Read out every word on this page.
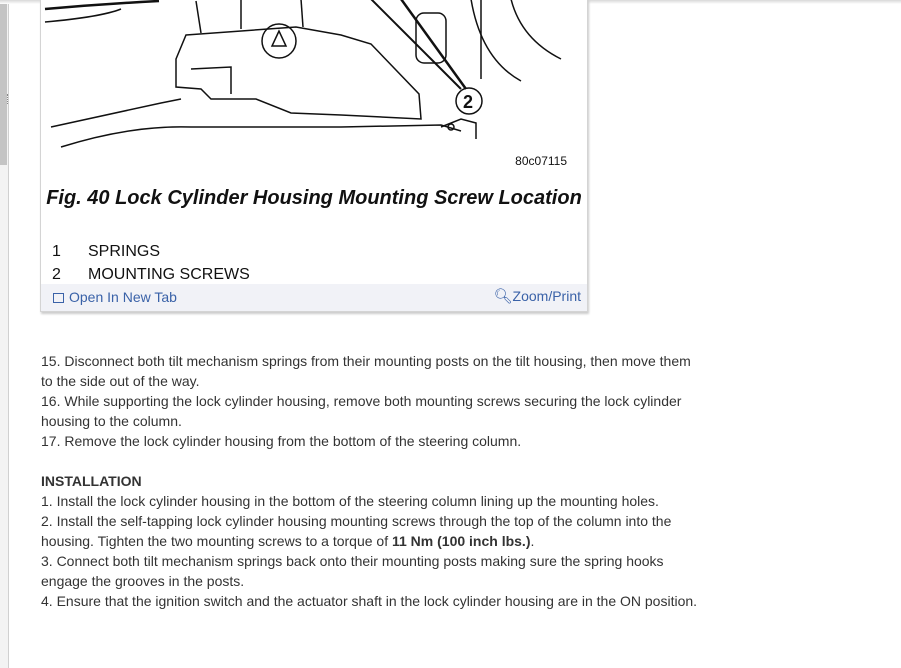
2
80c07115
Fig. 40 Lock Cylinder Housing Mounting Screw Location
1 SPRINGS
2 MOUNTING SCREWS
Open In New Tab	🔍︎Zoom/Print

15. Disconnect both tilt mechanism springs from their mounting posts on the tilt housing, then move them to the side out of the way.

16. While supporting the lock cylinder housing, remove both mounting screws securing the lock cylinder housing to the column.

17. Remove the lock cylinder housing from the bottom of the steering column.

INSTALLATION

1. Install the lock cylinder housing in the bottom of the steering column lining up the mounting holes.

2. Install the self-tapping lock cylinder housing mounting screws through the top of the column into the housing. Tighten the two mounting screws to a torque of 11 Nm (100 inch lbs.).

3. Connect both tilt mechanism springs back onto their mounting posts making sure the spring hooks engage the grooves in the posts.

4. Ensure that the ignition switch and the actuator shaft in the lock cylinder housing are in the ON position.
